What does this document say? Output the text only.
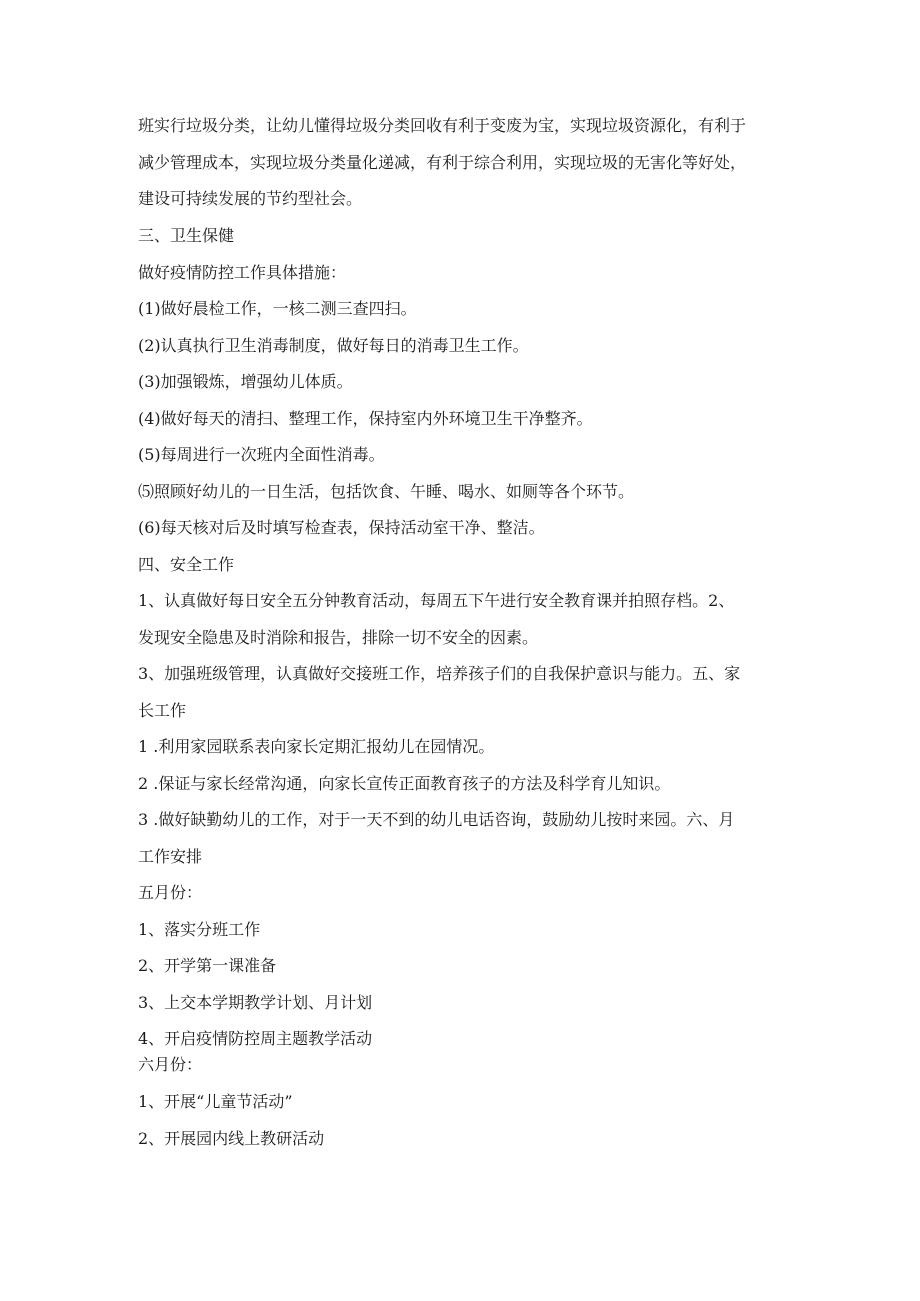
班实行垃圾分类，让幼儿懂得垃圾分类回收有利于变废为宝，实现垃圾资源化，有利于
减少管理成本，实现垃圾分类量化递减，有利于综合利用，实现垃圾的无害化等好处，
建设可持续发展的节约型社会。
三、卫生保健
做好疫情防控工作具体措施：
(1)做好晨检工作，一核二测三查四扫。
(2)认真执行卫生消毒制度，做好每日的消毒卫生工作。
(3)加强锻炼，增强幼儿体质。
(4)做好每天的清扫、整理工作，保持室内外环境卫生干净整齐。
(5)每周进行一次班内全面性消毒。
⑸照顾好幼儿的一日生活，包括饮食、午睡、喝水、如厕等各个环节。
(6)每天核对后及时填写检查表，保持活动室干净、整洁。
四、安全工作
1、认真做好每日安全五分钟教育活动，每周五下午进行安全教育课并拍照存档。2、
发现安全隐患及时消除和报告，排除一切不安全的因素。
3、加强班级管理，认真做好交接班工作，培养孩子们的自我保护意识与能力。五、家
长工作
1 .利用家园联系表向家长定期汇报幼儿在园情况。
2 .保证与家长经常沟通，向家长宣传正面教育孩子的方法及科学育儿知识。
3 .做好缺勤幼儿的工作，对于一天不到的幼儿电话咨询，鼓励幼儿按时来园。六、月
工作安排
五月份：
1、落实分班工作
2、开学第一课准备
3、上交本学期教学计划、月计划
4、开启疫情防控周主题教学活动
六月份：
1、开展“儿童节活动”
2、开展园内线上教研活动
